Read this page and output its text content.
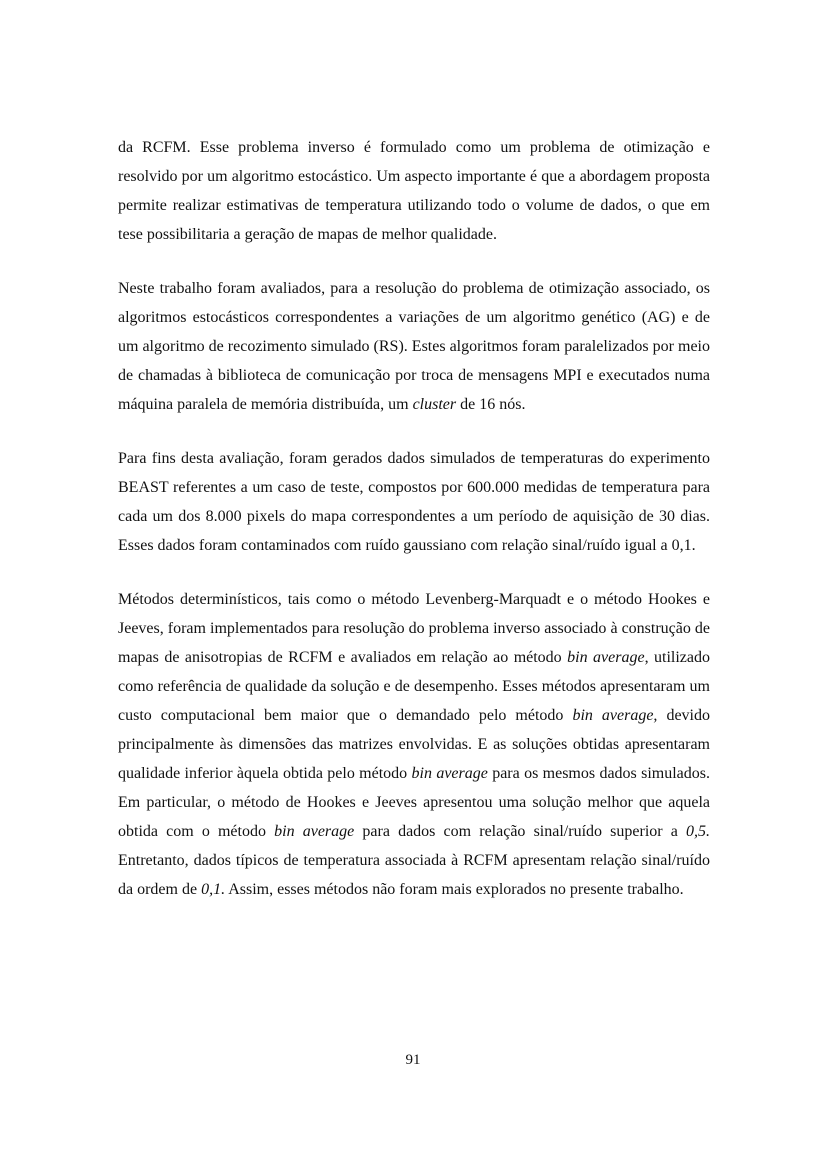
da RCFM. Esse problema inverso é formulado como um problema de otimização e resolvido por um algoritmo estocástico. Um aspecto importante é que a abordagem proposta permite realizar estimativas de temperatura utilizando todo o volume de dados, o que em tese possibilitaria a geração de mapas de melhor qualidade.

Neste trabalho foram avaliados, para a resolução do problema de otimização associado, os algoritmos estocásticos correspondentes a variações de um algoritmo genético (AG) e de um algoritmo de recozimento simulado (RS). Estes algoritmos foram paralelizados por meio de chamadas à biblioteca de comunicação por troca de mensagens MPI e executados numa máquina paralela de memória distribuída, um cluster de 16 nós.

Para fins desta avaliação, foram gerados dados simulados de temperaturas do experimento BEAST referentes a um caso de teste, compostos por 600.000 medidas de temperatura para cada um dos 8.000 pixels do mapa correspondentes a um período de aquisição de 30 dias. Esses dados foram contaminados com ruído gaussiano com relação sinal/ruído igual a 0,1.

Métodos determinísticos, tais como o método Levenberg-Marquadt e o método Hookes e Jeeves, foram implementados para resolução do problema inverso associado à construção de mapas de anisotropias de RCFM e avaliados em relação ao método bin average, utilizado como referência de qualidade da solução e de desempenho. Esses métodos apresentaram um custo computacional bem maior que o demandado pelo método bin average, devido principalmente às dimensões das matrizes envolvidas. E as soluções obtidas apresentaram qualidade inferior àquela obtida pelo método bin average para os mesmos dados simulados. Em particular, o método de Hookes e Jeeves apresentou uma solução melhor que aquela obtida com o método bin average para dados com relação sinal/ruído superior a 0,5. Entretanto, dados típicos de temperatura associada à RCFM apresentam relação sinal/ruído da ordem de 0,1. Assim, esses métodos não foram mais explorados no presente trabalho.

91
